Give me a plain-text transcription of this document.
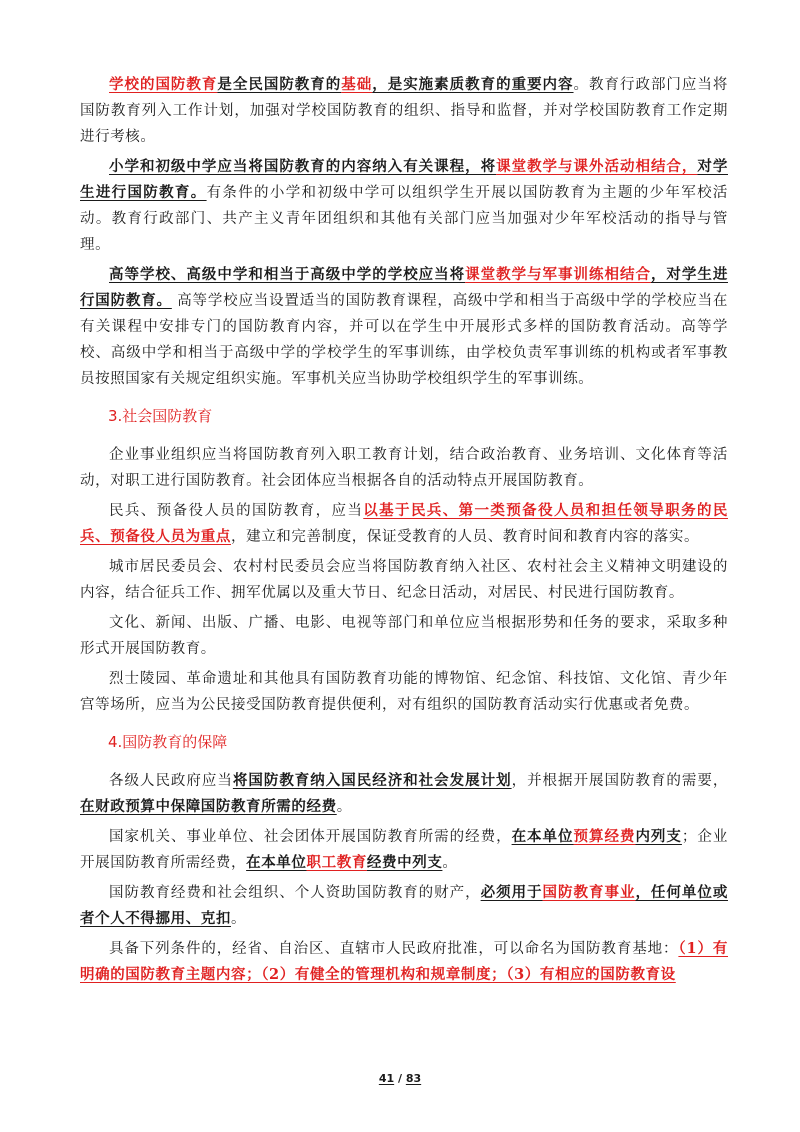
学校的国防教育是全民国防教育的基础，是实施素质教育的重要内容。教育行政部门应当将国防教育列入工作计划，加强对学校国防教育的组织、指导和监督，并对学校国防教育工作定期进行考核。

小学和初级中学应当将国防教育的内容纳入有关课程，将课堂教学与课外活动相结合，对学生进行国防教育。有条件的小学和初级中学可以组织学生开展以国防教育为主题的少年军校活动。教育行政部门、共产主义青年团组织和其他有关部门应当加强对少年军校活动的指导与管理。

高等学校、高级中学和相当于高级中学的学校应当将课堂教学与军事训练相结合，对学生进行国防教育。 高等学校应当设置适当的国防教育课程，高级中学和相当于高级中学的学校应当在有关课程中安排专门的国防教育内容，并可以在学生中开展形式多样的国防教育活动。高等学校、高级中学和相当于高级中学的学校学生的军事训练，由学校负责军事训练的机构或者军事教员按照国家有关规定组织实施。军事机关应当协助学校组织学生的军事训练。

3.社会国防教育

企业事业组织应当将国防教育列入职工教育计划，结合政治教育、业务培训、文化体育等活动，对职工进行国防教育。社会团体应当根据各自的活动特点开展国防教育。

民兵、预备役人员的国防教育，应当以基于民兵、第一类预备役人员和担任领导职务的民兵、预备役人员为重点，建立和完善制度，保证受教育的人员、教育时间和教育内容的落实。

城市居民委员会、农村村民委员会应当将国防教育纳入社区、农村社会主义精神文明建设的内容，结合征兵工作、拥军优属以及重大节日、纪念日活动，对居民、村民进行国防教育。

文化、新闻、出版、广播、电影、电视等部门和单位应当根据形势和任务的要求，采取多种形式开展国防教育。

烈士陵园、革命遗址和其他具有国防教育功能的博物馆、纪念馆、科技馆、文化馆、青少年宫等场所，应当为公民接受国防教育提供便利，对有组织的国防教育活动实行优惠或者免费。

4.国防教育的保障

各级人民政府应当将国防教育纳入国民经济和社会发展计划，并根据开展国防教育的需要，在财政预算中保障国防教育所需的经费。

国家机关、事业单位、社会团体开展国防教育所需的经费，在本单位预算经费内列支；企业开展国防教育所需经费，在本单位职工教育经费中列支。

国防教育经费和社会组织、个人资助国防教育的财产，必须用于国防教育事业，任何单位或者个人不得挪用、克扣。

具备下列条件的，经省、自治区、直辖市人民政府批准，可以命名为国防教育基地：（1）有明确的国防教育主题内容；（2）有健全的管理机构和规章制度；（3）有相应的国防教育设

41 / 83
